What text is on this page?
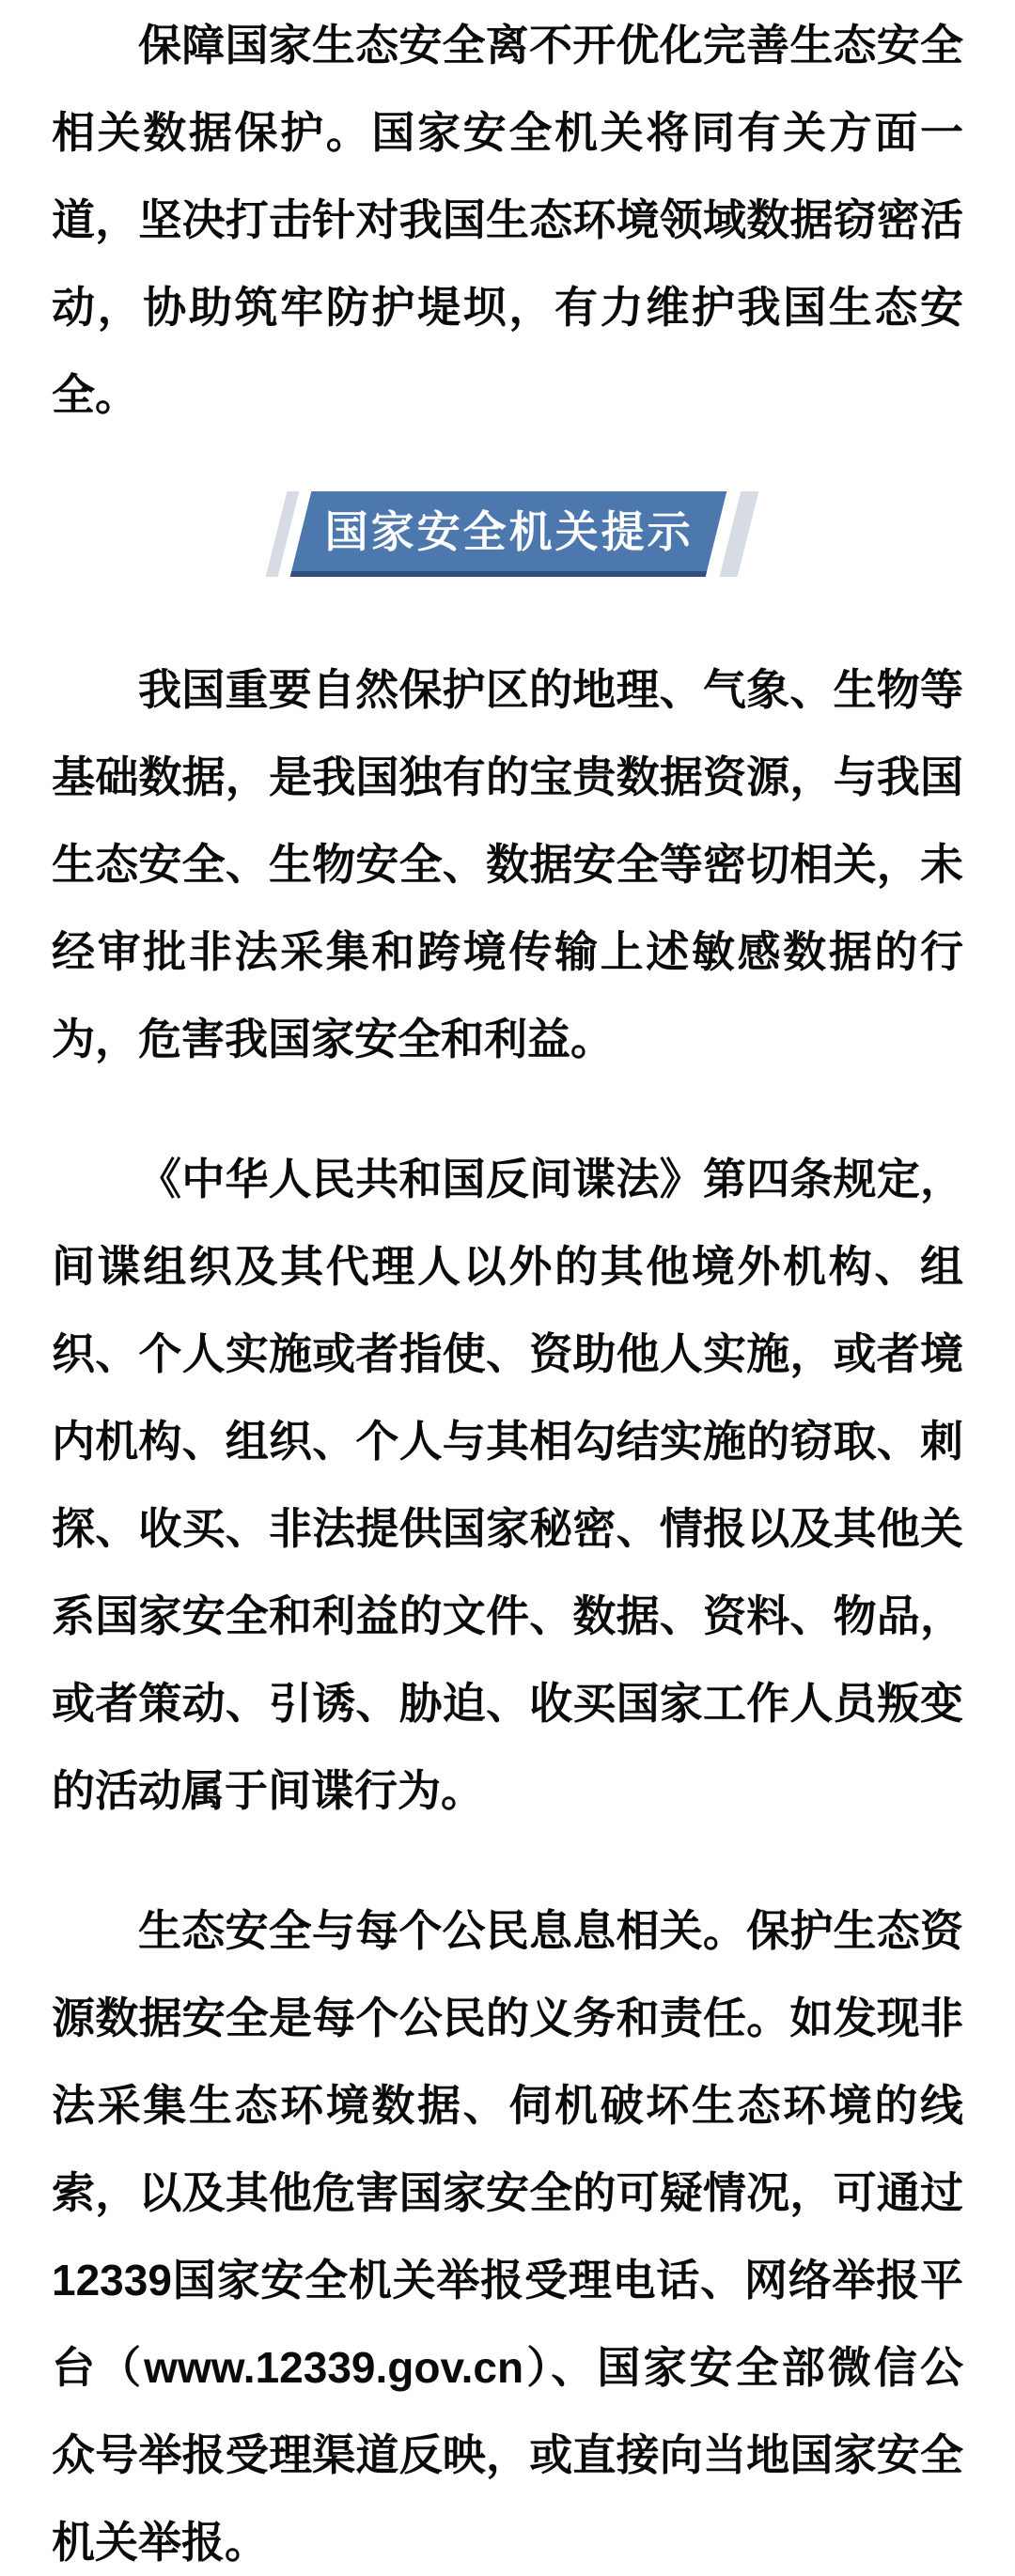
保障国家生态安全离不开优化完善生态安全相关数据保护。国家安全机关将同有关方面一道，坚决打击针对我国生态环境领域数据窃密活动，协助筑牢防护堤坝，有力维护我国生态安全。

国家安全机关提示

我国重要自然保护区的地理、气象、生物等基础数据，是我国独有的宝贵数据资源，与我国生态安全、生物安全、数据安全等密切相关，未经审批非法采集和跨境传输上述敏感数据的行为，危害我国家安全和利益。

《中华人民共和国反间谍法》第四条规定，间谍组织及其代理人以外的其他境外机构、组织、个人实施或者指使、资助他人实施，或者境内机构、组织、个人与其相勾结实施的窃取、刺探、收买、非法提供国家秘密、情报以及其他关系国家安全和利益的文件、数据、资料、物品，或者策动、引诱、胁迫、收买国家工作人员叛变的活动属于间谍行为。

生态安全与每个公民息息相关。保护生态资源数据安全是每个公民的义务和责任。如发现非法采集生态环境数据、伺机破坏生态环境的线索，以及其他危害国家安全的可疑情况，可通过12339国家安全机关举报受理电话、网络举报平台（www.12339.gov.cn）、国家安全部微信公众号举报受理渠道反映，或直接向当地国家安全机关举报。
